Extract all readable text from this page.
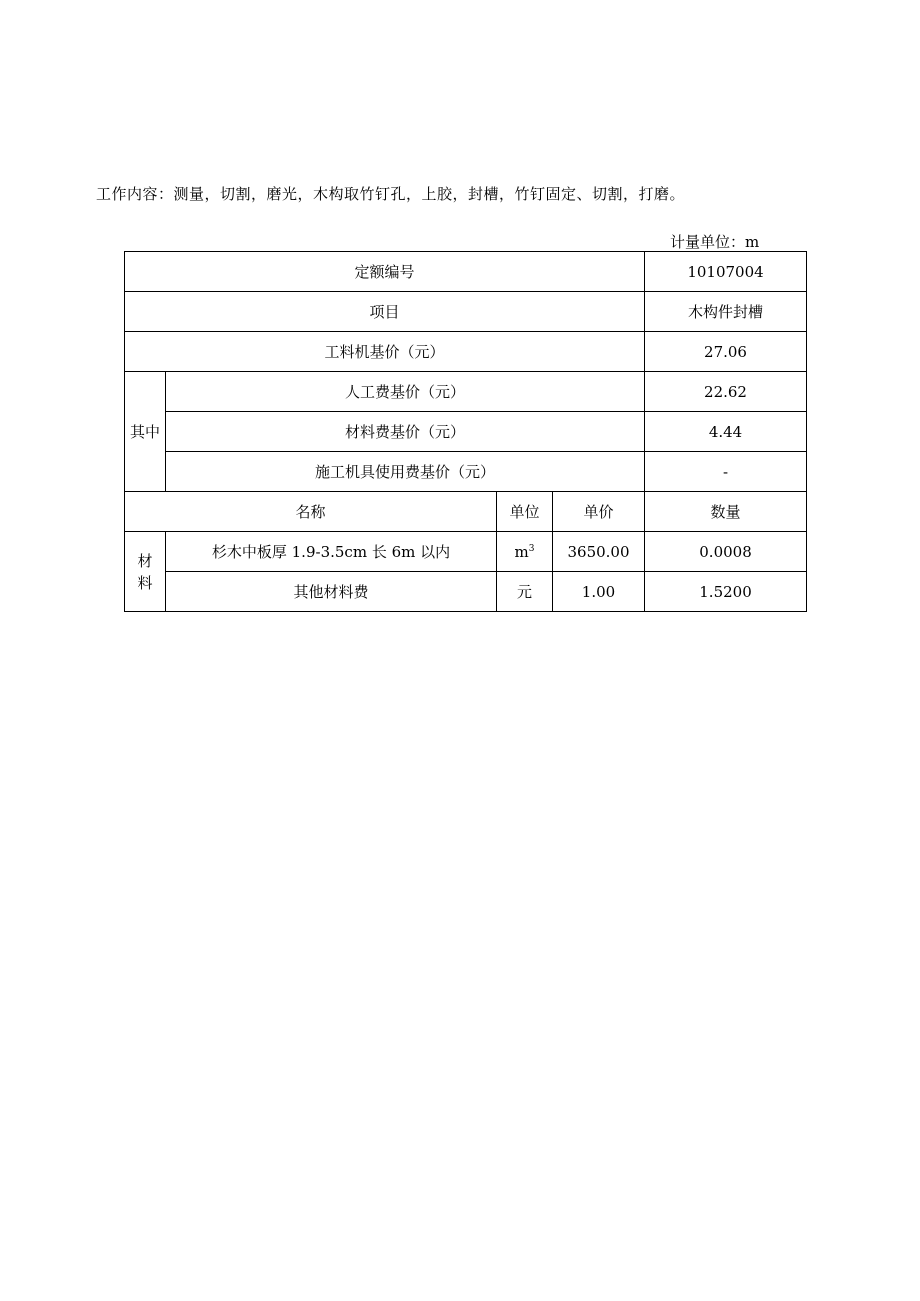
工作内容：测量，切割，磨光，木构取竹钉孔，上胶，封槽，竹钉固定、切割，打磨。
计量单位：m
定额编号				10107004
项目				木构件封槽
工料机基价（元）				27.06
其中	人工费基价（元）			22.62
	材料费基价（元）			4.44
	施工机具使用费基价（元）			-
名称		单位	单价	数量
材
料	杉木中板厚 1.9-3.5cm 长 6m 以内	$m^3$	3650.00	0.0008
	其他材料费	元	1.00	1.5200
